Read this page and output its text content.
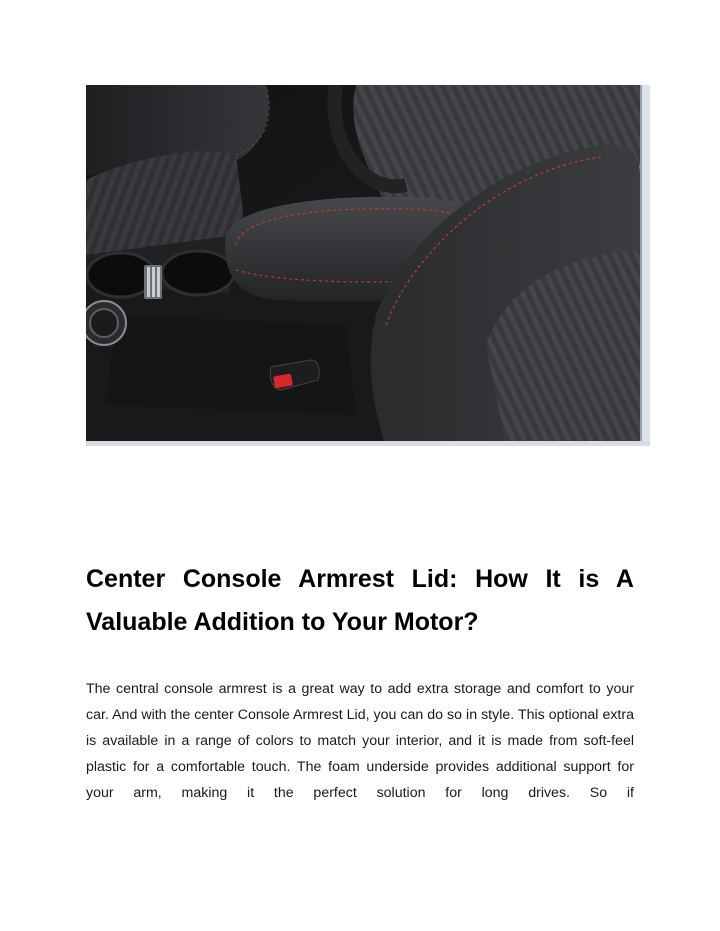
Center Console Armrest Lid: How It is A Valuable Addition to Your Motor?

The central console armrest is a great way to add extra storage and comfort to your car. And with the center Console Armrest Lid, you can do so in style. This optional extra is available in a range of colors to match your interior, and it is made from soft-feel plastic for a comfortable touch. The foam underside provides additional support for your arm, making it the perfect solution for long drives. So if
